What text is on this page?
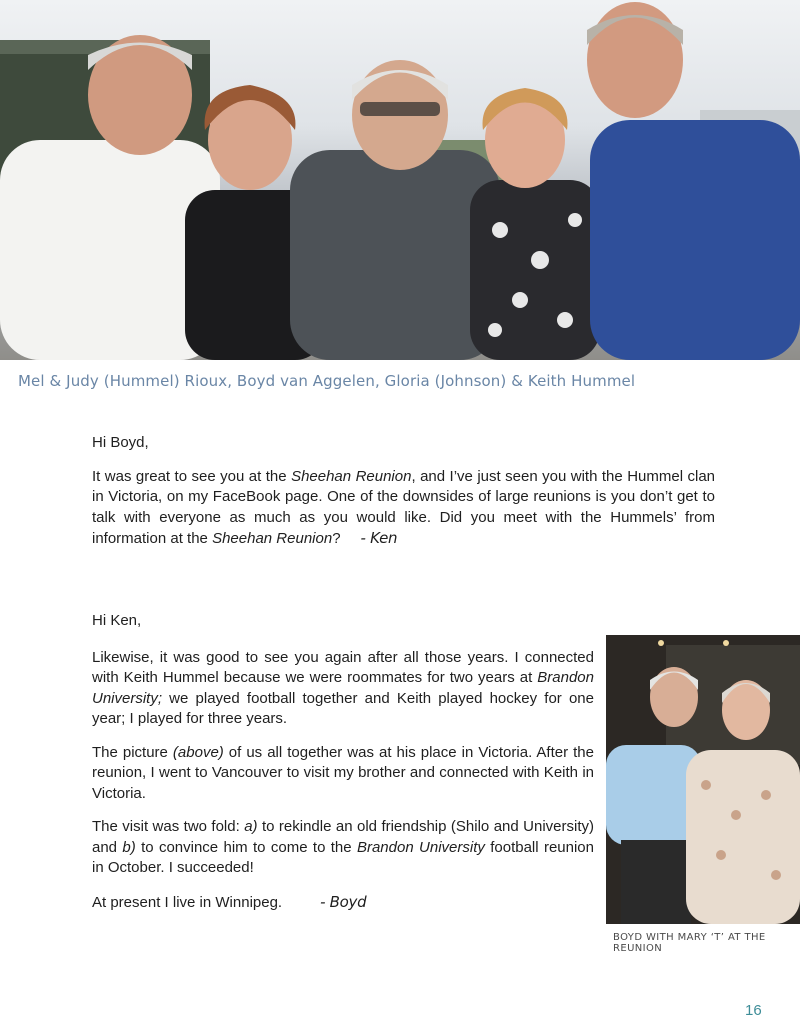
Mel & Judy (Hummel) Rioux, Boyd van Aggelen, Gloria (Johnson) & Keith Hummel

Hi Boyd,

It was great to see you at the Sheehan Reunion, and I’ve just seen you with the Hummel clan in Victoria, on my FaceBook page. One of the downsides of large reunions is you don’t get to talk with everyone as much as you would like. Did you meet with the Hummels’ from information at the Sheehan Reunion? - Ken

Hi Ken,

Likewise, it was good to see you again after all those years. I connected with Keith Hummel because we were roommates for two years at Brandon University; we played football together and Keith played hockey for one year; I played for three years.

The picture (above) of us all together was at his place in Victoria. After the reunion, I went to Vancouver to visit my brother and connected with Keith in Victoria.

The visit was two fold: a) to rekindle an old friendship (Shilo and University) and b) to convince him to come to the Brandon University football reunion in October. I succeeded!

At present I live in Winnipeg.	- Boyd

BOYD WITH MARY ‘T’ AT THE REUNION
16
